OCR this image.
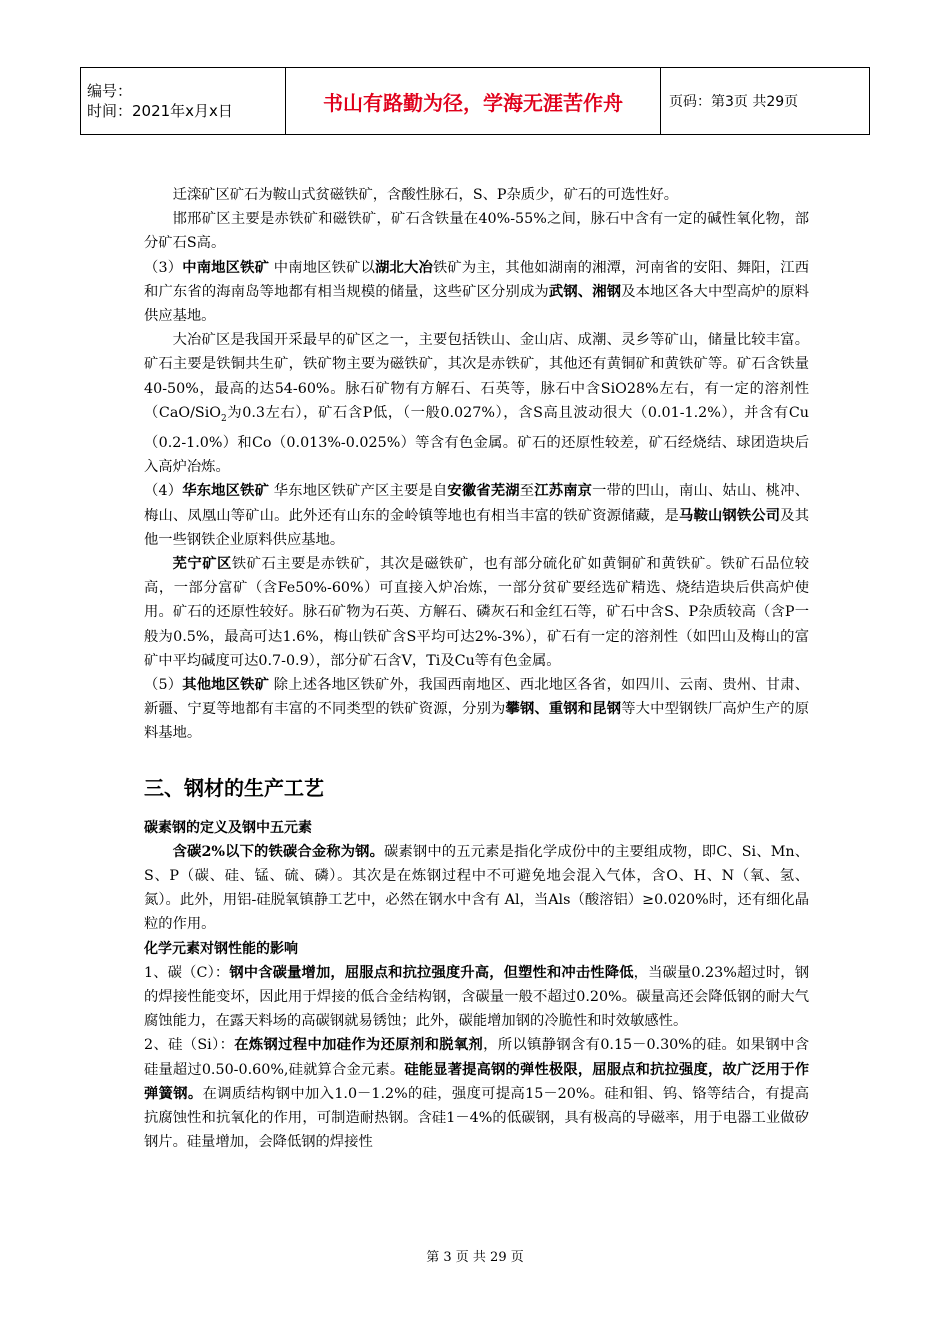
编号：
时间：2021年x月x日	书山有路勤为径，学海无涯苦作舟	页码：第3页 共29页

迁滦矿区矿石为鞍山式贫磁铁矿，含酸性脉石，S、P杂质少，矿石的可选性好。

邯邢矿区主要是赤铁矿和磁铁矿，矿石含铁量在40%-55%之间，脉石中含有一定的碱性氧化物，部分矿石S高。

（3）中南地区铁矿 中南地区铁矿以湖北大冶铁矿为主，其他如湖南的湘潭，河南省的安阳、舞阳，江西和广东省的海南岛等地都有相当规模的储量，这些矿区分别成为武钢、湘钢及本地区各大中型高炉的原料供应基地。

大冶矿区是我国开采最早的矿区之一，主要包括铁山、金山店、成潮、灵乡等矿山，储量比较丰富。矿石主要是铁铜共生矿，铁矿物主要为磁铁矿，其次是赤铁矿，其他还有黄铜矿和黄铁矿等。矿石含铁量40-50%，最高的达54-60%。脉石矿物有方解石、石英等，脉石中含SiO28%左右，有一定的溶剂性（CaO/SiO$_2$为0.3左右），矿石含P低，（一般0.027%），含S高且波动很大（0.01-1.2%），并含有Cu（0.2-1.0%）和Co（0.013%-0.025%）等含有色金属。矿石的还原性较差，矿石经烧结、球团造块后入高炉冶炼。

（4）华东地区铁矿 华东地区铁矿产区主要是自安徽省芜湖至江苏南京一带的凹山，南山、姑山、桃冲、梅山、凤凰山等矿山。此外还有山东的金岭镇等地也有相当丰富的铁矿资源储藏，是马鞍山钢铁公司及其他一些钢铁企业原料供应基地。

芜宁矿区铁矿石主要是赤铁矿，其次是磁铁矿，也有部分硫化矿如黄铜矿和黄铁矿。铁矿石品位较高，一部分富矿（含Fe50%-60%）可直接入炉冶炼，一部分贫矿要经选矿精选、烧结造块后供高炉使用。矿石的还原性较好。脉石矿物为石英、方解石、磷灰石和金红石等，矿石中含S、P杂质较高（含P一般为0.5%，最高可达1.6%，梅山铁矿含S平均可达2%-3%），矿石有一定的溶剂性（如凹山及梅山的富矿中平均碱度可达0.7-0.9），部分矿石含V，Ti及Cu等有色金属。

（5）其他地区铁矿 除上述各地区铁矿外，我国西南地区、西北地区各省，如四川、云南、贵州、甘肃、新疆、宁夏等地都有丰富的不同类型的铁矿资源，分别为攀钢、重钢和昆钢等大中型钢铁厂高炉生产的原料基地。

三、钢材的生产工艺

碳素钢的定义及钢中五元素

含碳2%以下的铁碳合金称为钢。碳素钢中的五元素是指化学成份中的主要组成物，即C、Si、Mn、S、P（碳、硅、锰、硫、磷）。其次是在炼钢过程中不可避免地会混入气体，含O、H、N（氧、氢、氮）。此外，用铝-硅脱氧镇静工艺中，必然在钢水中含有 Al，当Als（酸溶铝）≥0.020%时，还有细化晶粒的作用。

化学元素对钢性能的影响

1、碳（C）：钢中含碳量增加，屈服点和抗拉强度升高，但塑性和冲击性降低，当碳量0.23%超过时，钢的焊接性能变坏，因此用于焊接的低合金结构钢，含碳量一般不超过0.20%。碳量高还会降低钢的耐大气腐蚀能力，在露天料场的高碳钢就易锈蚀；此外，碳能增加钢的冷脆性和时效敏感性。

2、硅（Si）：在炼钢过程中加硅作为还原剂和脱氧剂，所以镇静钢含有0.15－0.30%的硅。如果钢中含硅量超过0.50-0.60%,硅就算合金元素。硅能显著提高钢的弹性极限，屈服点和抗拉强度，故广泛用于作弹簧钢。在调质结构钢中加入1.0－1.2%的硅，强度可提高15－20%。硅和钼、钨、铬等结合，有提高抗腐蚀性和抗氧化的作用，可制造耐热钢。含硅1－4%的低碳钢，具有极高的导磁率，用于电器工业做矽钢片。硅量增加，会降低钢的焊接性

第 3 页 共 29 页
